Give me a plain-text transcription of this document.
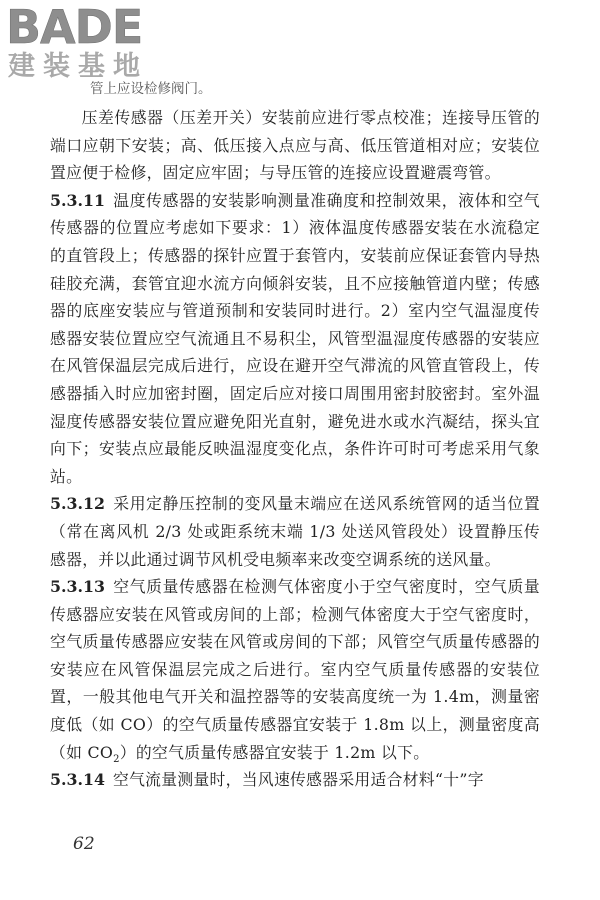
BADE
建装基地
管上应设检修阀门。

压差传感器（压差开关）安装前应进行零点校准；连接导压管的端口应朝下安装；高、低压接入点应与高、低压管道相对应；安装位置应便于检修，固定应牢固；与导压管的连接应设置避震弯管。

5.3.11 温度传感器的安装影响测量准确度和控制效果，液体和空气传感器的位置应考虑如下要求：1）液体温度传感器安装在水流稳定的直管段上；传感器的探针应置于套管内，安装前应保证套管内导热硅胶充满，套管宜迎水流方向倾斜安装，且不应接触管道内壁；传感器的底座安装应与管道预制和安装同时进行。2）室内空气温湿度传感器安装位置应空气流通且不易积尘，风管型温湿度传感器的安装应在风管保温层完成后进行，应设在避开空气滞流的风管直管段上，传感器插入时应加密封圈，固定后应对接口周围用密封胶密封。室外温湿度传感器安装位置应避免阳光直射，避免进水或水汽凝结，探头宜向下；安装点应最能反映温湿度变化点，条件许可时可考虑采用气象站。

5.3.12 采用定静压控制的变风量末端应在送风系统管网的适当位置（常在离风机 2/3 处或距系统末端 1/3 处送风管段处）设置静压传感器，并以此通过调节风机受电频率来改变空调系统的送风量。

5.3.13 空气质量传感器在检测气体密度小于空气密度时，空气质量传感器应安装在风管或房间的上部；检测气体密度大于空气密度时，空气质量传感器应安装在风管或房间的下部；风管空气质量传感器的安装应在风管保温层完成之后进行。室内空气质量传感器的安装位置，一般其他电气开关和温控器等的安装高度统一为 1.4m，测量密度低（如 CO）的空气质量传感器宜安装于 1.8m 以上，测量密度高（如 $CO_2$）的空气质量传感器宜安装于 1.2m 以下。

5.3.14 空气流量测量时，当风速传感器采用适合材料“十”字

62
